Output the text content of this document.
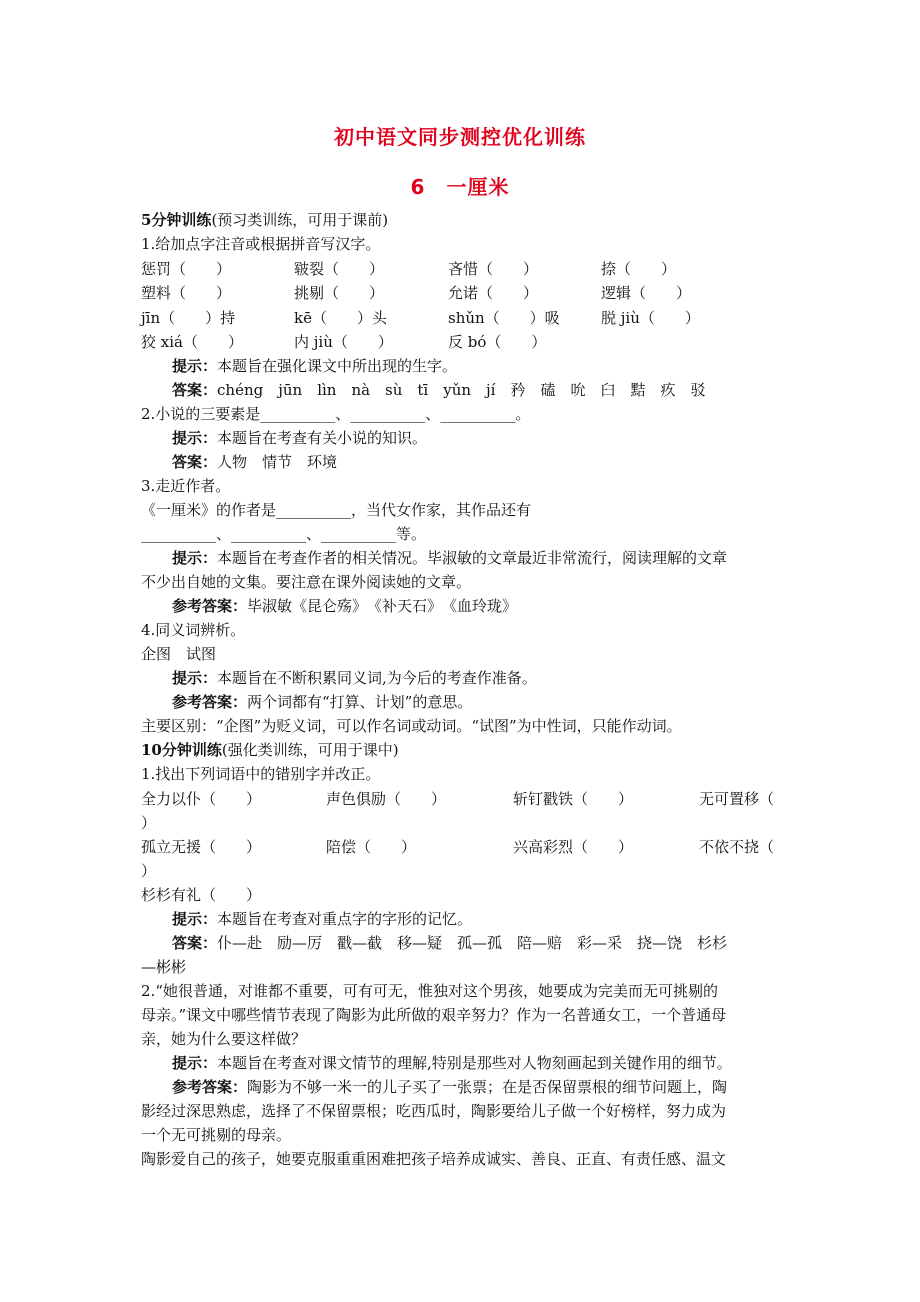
初中语文同步测控优化训练
6　一厘米
5分钟训练(预习类训练，可用于课前)
1.给加点字注音或根据拼音写汉字。
惩罚（　　）	皲裂（　　）	吝惜（　　）	捺（　　）
塑料（　　）	挑剔（　　）	允诺（　　）	逻辑（　　）
jīn（　　）持	kē（　　）头	shǔn（　　）吸	脱 jiù（　　）
狡 xiá（　　）	内 jiù（　　）	反 bó（　　）
提示：本题旨在强化课文中所出现的生字。
答案：chéng　jūn　lìn　nà　sù　tī　yǔn　jí　矜　磕　吮　臼　黠　疚　驳
2.小说的三要素是__________、__________、__________。
提示：本题旨在考查有关小说的知识。
答案：人物　情节　环境
3.走近作者。
《一厘米》的作者是__________，当代女作家，其作品还有
__________、__________、__________等。
提示：本题旨在考查作者的相关情况。毕淑敏的文章最近非常流行，阅读理解的文章
不少出自她的文集。要注意在课外阅读她的文章。
参考答案：毕淑敏《昆仑殇》　《补天石》　《血玲珑》
4.同义词辨析。
企图　试图
提示：本题旨在不断积累同义词,为今后的考查作准备。
参考答案：两个词都有“打算、计划”的意思。
主要区别：“企图”为贬义词，可以作名词或动词。“试图”为中性词，只能作动词。
10分钟训练(强化类训练，可用于课中)
1.找出下列词语中的错别字并改正。
全力以仆（　　）	声色俱励（　　）	斩钉戳铁（　　）	无可置移（
）
孤立无援（　　）	陪偿（　　）	兴高彩烈（　　）	不依不挠（
）
杉杉有礼（　　）
提示：本题旨在考查对重点字的字形的记忆。
答案：仆—赴　励—厉　戳—截　移—疑　孤—孤　陪—赔　彩—采　挠—饶　杉杉
—彬彬
2.“她很普通，对谁都不重要，可有可无，惟独对这个男孩，她要成为完美而无可挑剔的
母亲。”课文中哪些情节表现了陶影为此所做的艰辛努力？作为一名普通女工，一个普通母
亲，她为什么要这样做？
提示：本题旨在考查对课文情节的理解,特别是那些对人物刻画起到关键作用的细节。
参考答案：陶影为不够一米一的儿子买了一张票；在是否保留票根的细节问题上，陶
影经过深思熟虑，选择了不保留票根；吃西瓜时，陶影要给儿子做一个好榜样，努力成为
一个无可挑剔的母亲。
陶影爱自己的孩子，她要克服重重困难把孩子培养成诚实、善良、正直、有责任感、温文
